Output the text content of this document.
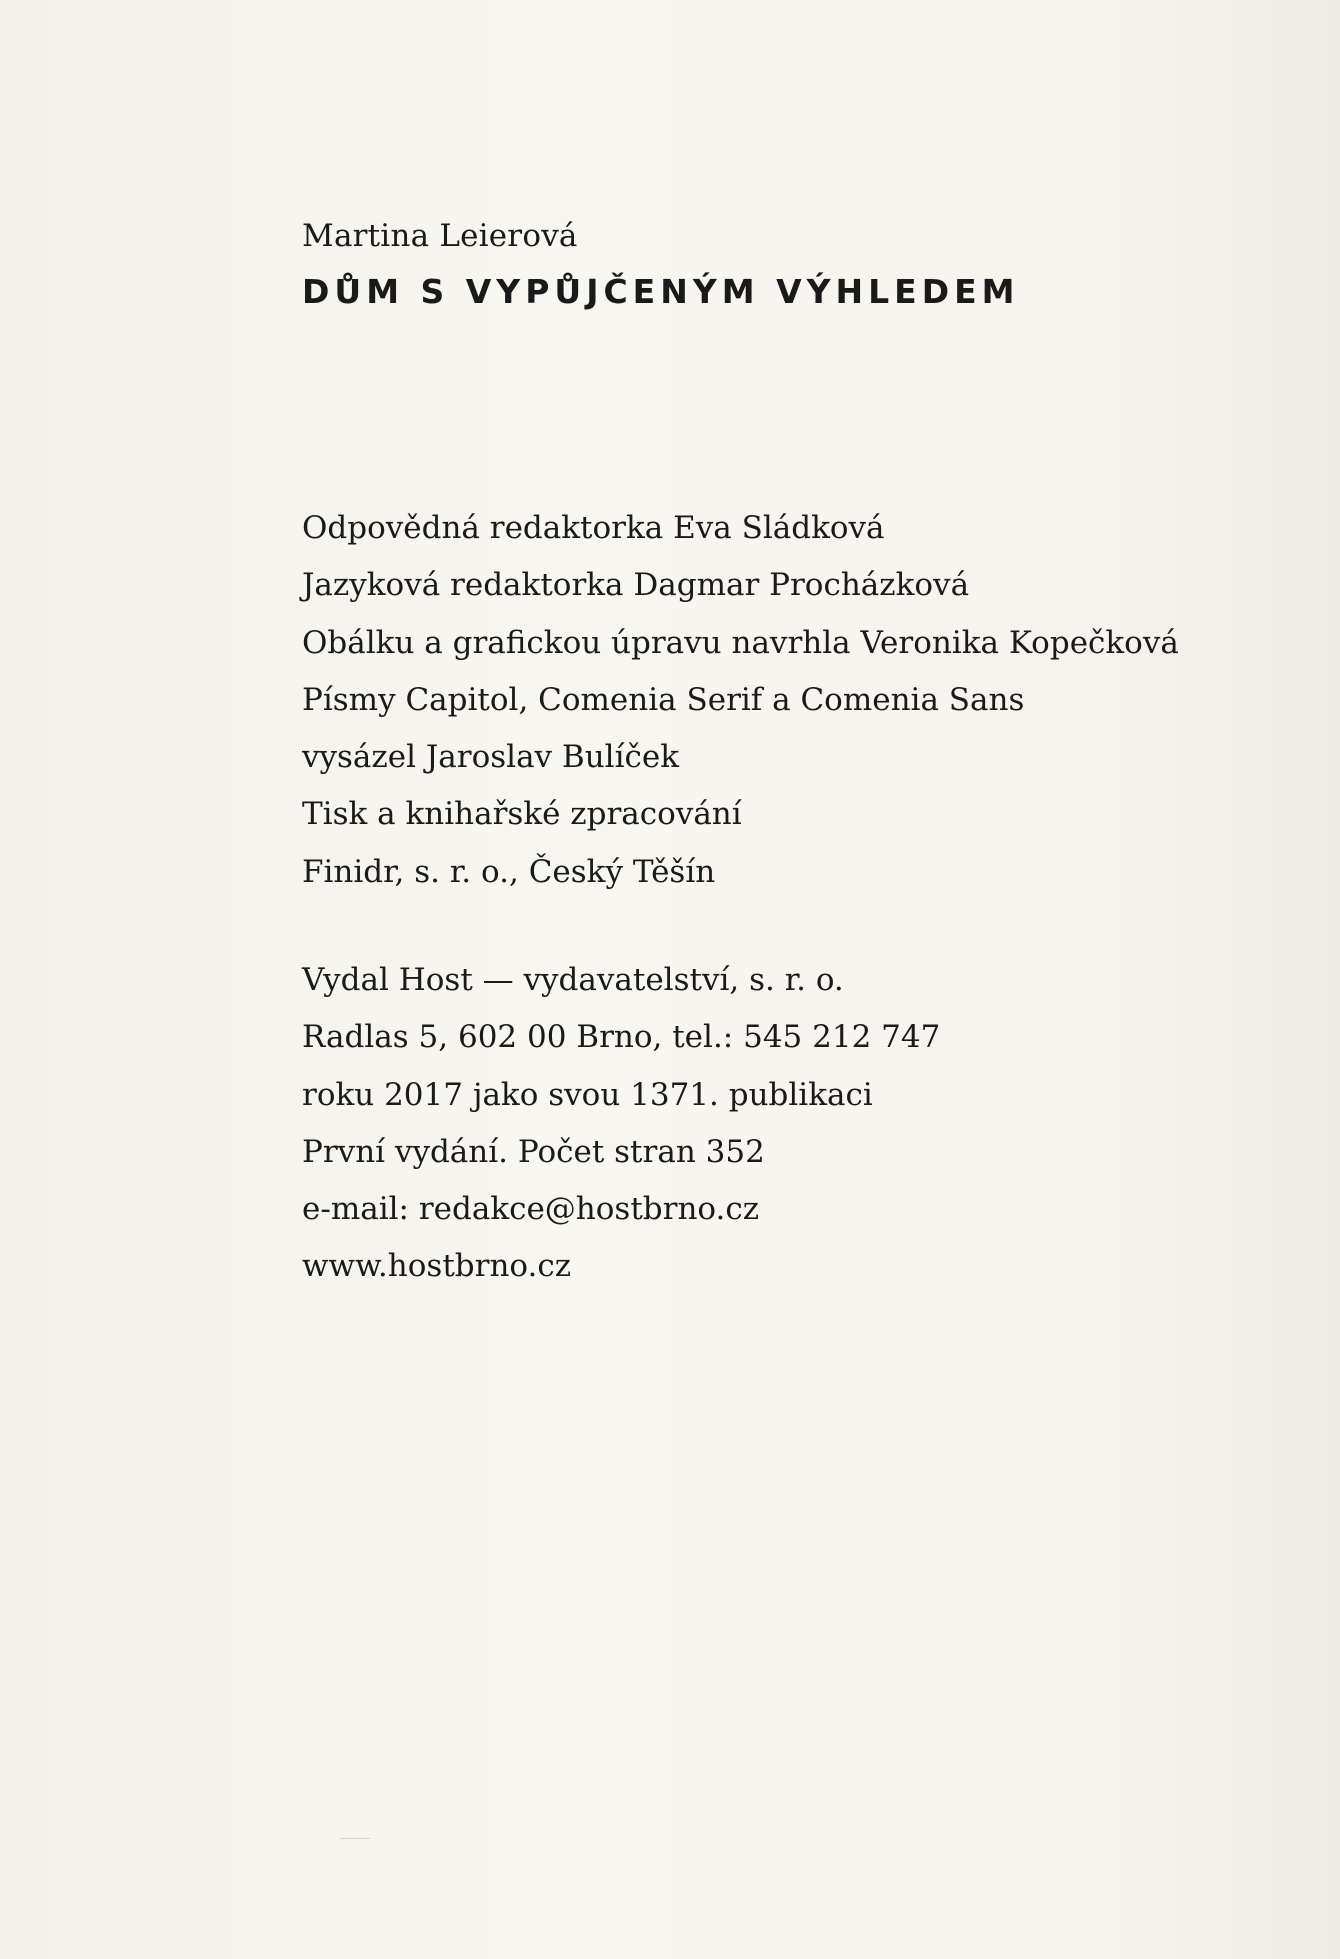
Martina Leierová
DŮM S VYPŮJČENÝM VÝHLEDEM
Odpovědná redaktorka Eva Sládková
Jazyková redaktorka Dagmar Procházková
Obálku a grafickou úpravu navrhla Veronika Kopečková
Písmy Capitol, Comenia Serif a Comenia Sans
vysázel Jaroslav Bulíček
Tisk a knihařské zpracování
Finidr, s. r. o., Český Těšín
Vydal Host — vydavatelství, s. r. o.
Radlas 5, 602 00 Brno, tel.: 545 212 747
roku 2017 jako svou 1371. publikaci
První vydání. Počet stran 352
e-mail: redakce@hostbrno.cz
www.hostbrno.cz
